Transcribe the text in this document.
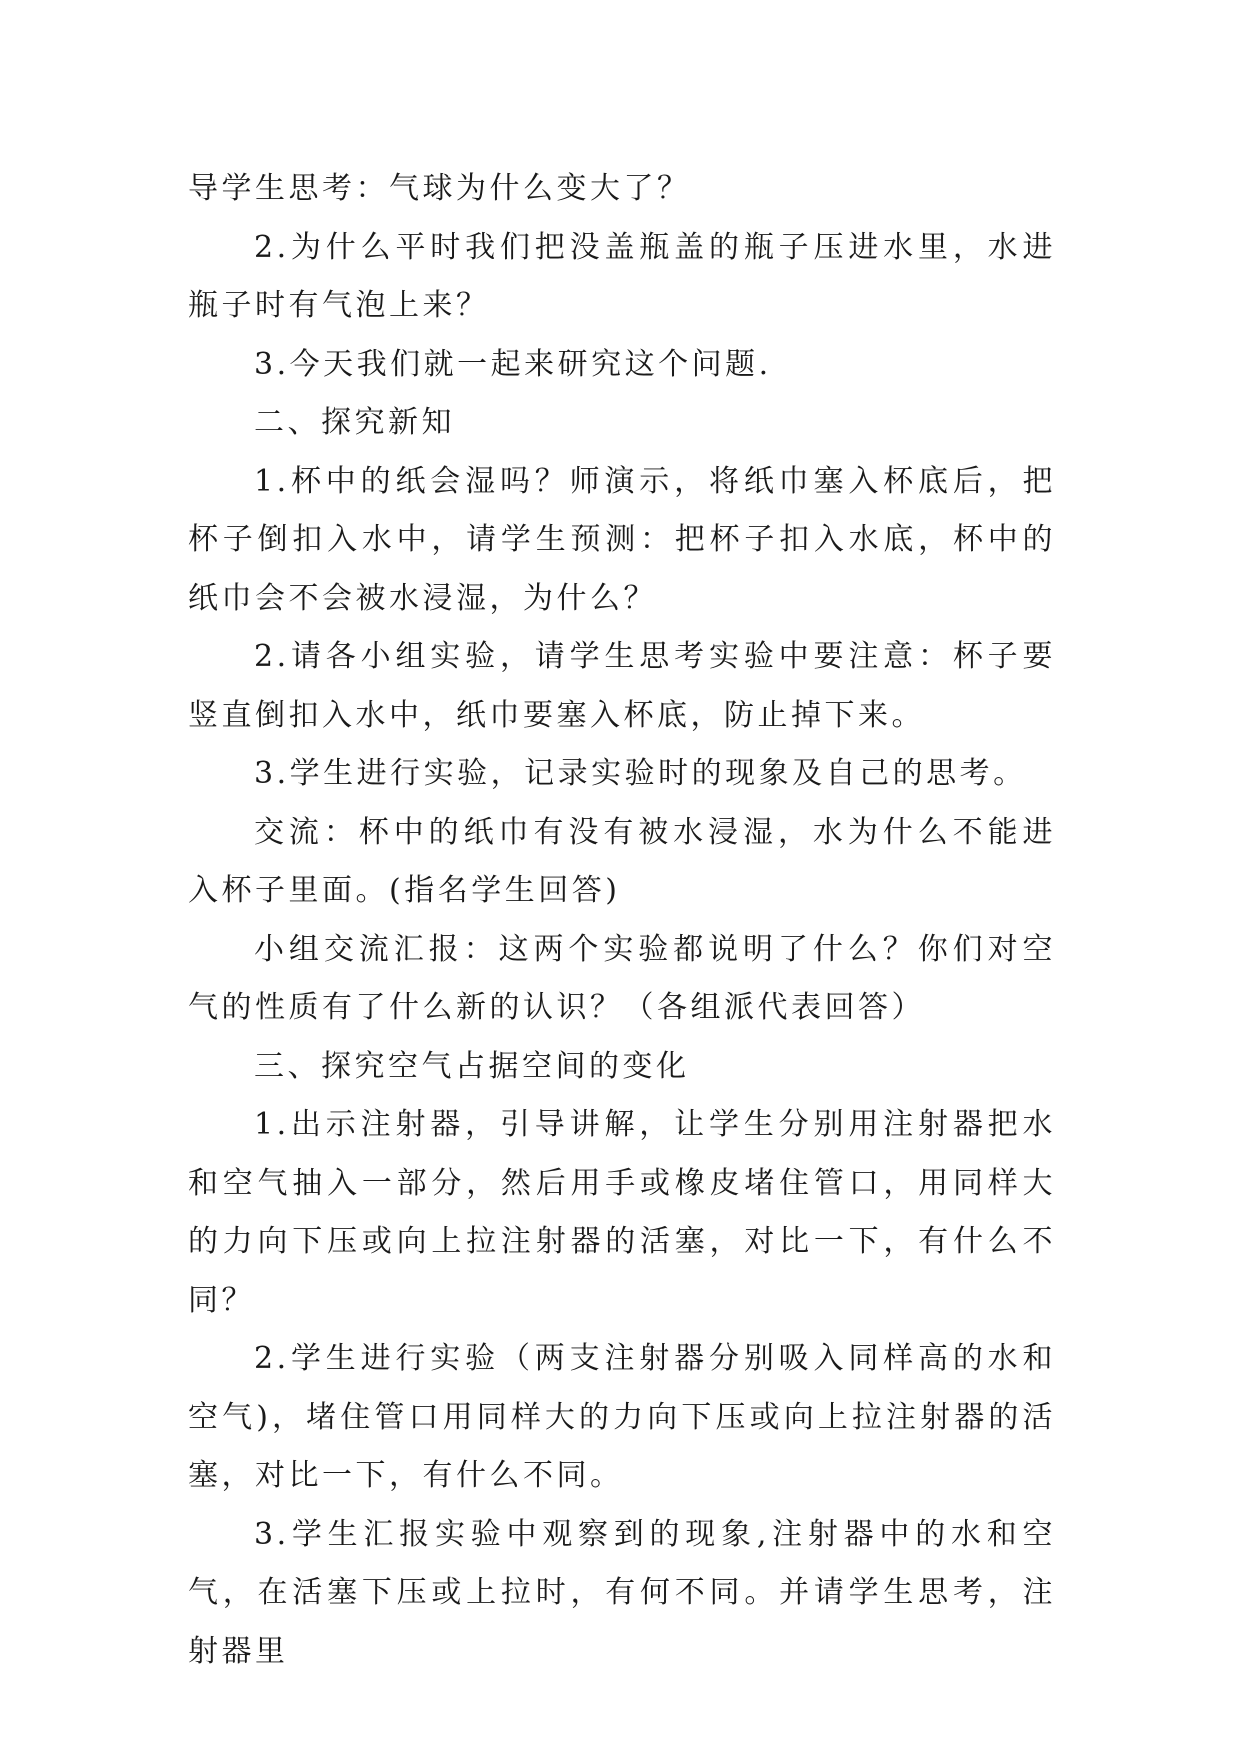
导学生思考：气球为什么变大了？

2.为什么平时我们把没盖瓶盖的瓶子压进水里，水进瓶子时有气泡上来？

3.今天我们就一起来研究这个问题.

二、探究新知

1.杯中的纸会湿吗？师演示，将纸巾塞入杯底后，把杯子倒扣入水中，请学生预测：把杯子扣入水底，杯中的纸巾会不会被水浸湿，为什么？

2.请各小组实验，请学生思考实验中要注意：杯子要竖直倒扣入水中，纸巾要塞入杯底，防止掉下来。

3.学生进行实验，记录实验时的现象及自己的思考。

交流：杯中的纸巾有没有被水浸湿，水为什么不能进入杯子里面。(指名学生回答)

小组交流汇报：这两个实验都说明了什么？你们对空气的性质有了什么新的认识？（各组派代表回答）

三、探究空气占据空间的变化

1.出示注射器，引导讲解，让学生分别用注射器把水和空气抽入一部分，然后用手或橡皮堵住管口，用同样大的力向下压或向上拉注射器的活塞，对比一下，有什么不同？

2.学生进行实验（两支注射器分别吸入同样高的水和空气)，堵住管口用同样大的力向下压或向上拉注射器的活塞，对比一下，有什么不同。

3.学生汇报实验中观察到的现象,注射器中的水和空气，在活塞下压或上拉时，有何不同。并请学生思考，注射器里
